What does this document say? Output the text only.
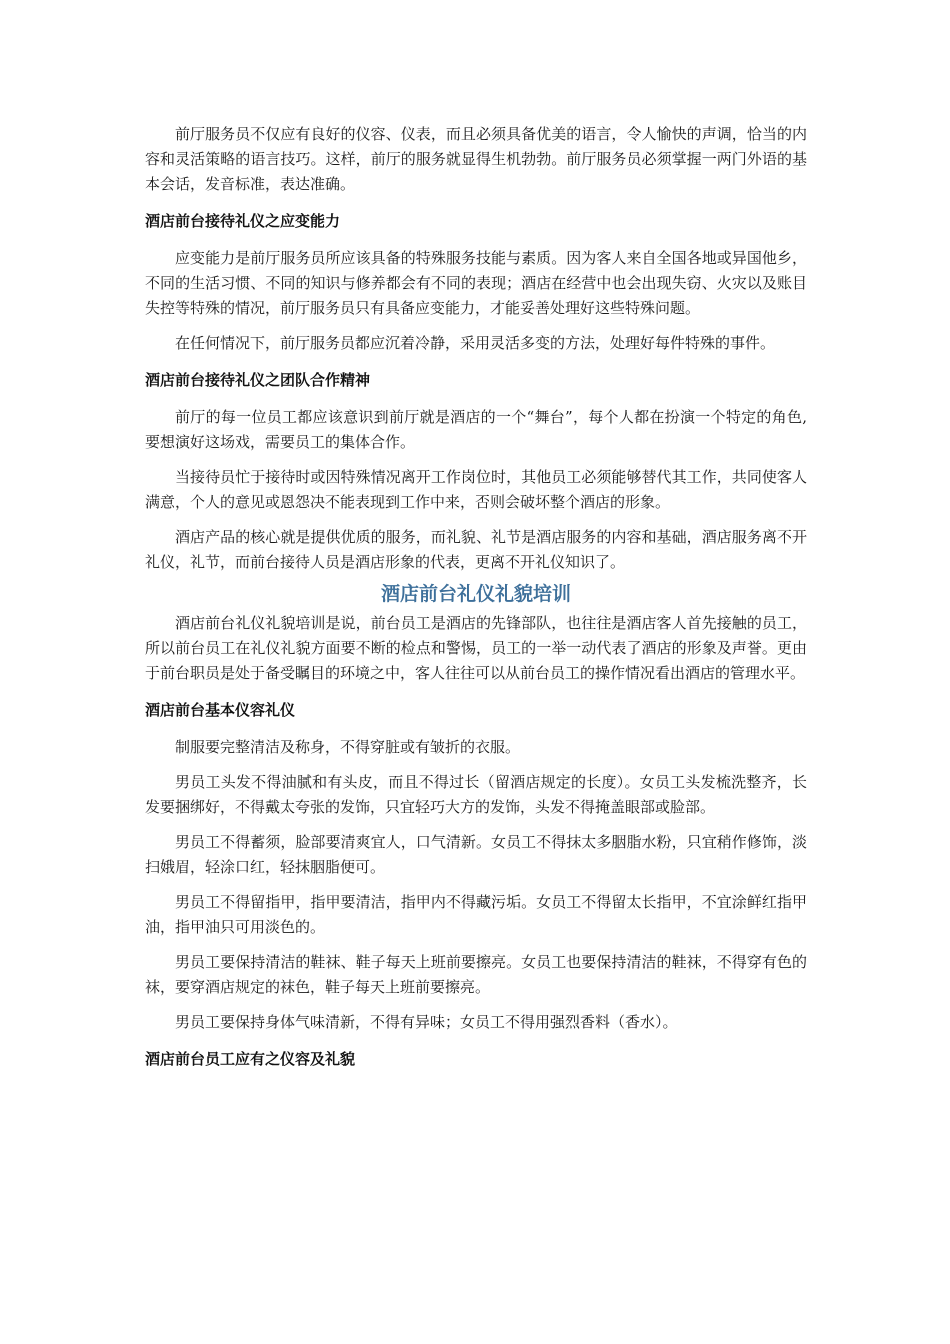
前厅服务员不仅应有良好的仪容、仪表，而且必须具备优美的语言，令人愉快的声调，恰当的内容和灵活策略的语言技巧。这样，前厅的服务就显得生机勃勃。前厅服务员必须掌握一两门外语的基本会话，发音标准，表达准确。

酒店前台接待礼仪之应变能力

应变能力是前厅服务员所应该具备的特殊服务技能与素质。因为客人来自全国各地或异国他乡，不同的生活习惯、不同的知识与修养都会有不同的表现；酒店在经营中也会出现失窃、火灾以及账目失控等特殊的情况，前厅服务员只有具备应变能力，才能妥善处理好这些特殊问题。

在任何情况下，前厅服务员都应沉着冷静，采用灵活多变的方法，处理好每件特殊的事件。

酒店前台接待礼仪之团队合作精神

前厅的每一位员工都应该意识到前厅就是酒店的一个“舞台”，每个人都在扮演一个特定的角色,要想演好这场戏，需要员工的集体合作。

当接待员忙于接待时或因特殊情况离开工作岗位时，其他员工必须能够替代其工作，共同使客人满意，个人的意见或恩怨决不能表现到工作中来，否则会破坏整个酒店的形象。

酒店产品的核心就是提供优质的服务，而礼貌、礼节是酒店服务的内容和基础，酒店服务离不开礼仪，礼节，而前台接待人员是酒店形象的代表，更离不开礼仪知识了。

酒店前台礼仪礼貌培训

酒店前台礼仪礼貌培训是说，前台员工是酒店的先锋部队，也往往是酒店客人首先接触的员工，所以前台员工在礼仪礼貌方面要不断的检点和警惕，员工的一举一动代表了酒店的形象及声誉。更由于前台职员是处于备受瞩目的环境之中，客人往往可以从前台员工的操作情况看出酒店的管理水平。

酒店前台基本仪容礼仪

制服要完整清洁及称身，不得穿脏或有皱折的衣服。

男员工头发不得油腻和有头皮，而且不得过长（留酒店规定的长度）。女员工头发梳洗整齐，长发要捆绑好，不得戴太夸张的发饰，只宜轻巧大方的发饰，头发不得掩盖眼部或脸部。

男员工不得蓄须，脸部要清爽宜人，口气清新。女员工不得抹太多胭脂水粉，只宜稍作修饰，淡扫娥眉，轻涂口红，轻抹胭脂便可。

男员工不得留指甲，指甲要清洁，指甲内不得藏污垢。女员工不得留太长指甲，不宜涂鲜红指甲油，指甲油只可用淡色的。

男员工要保持清洁的鞋袜、鞋子每天上班前要擦亮。女员工也要保持清洁的鞋袜，不得穿有色的袜，要穿酒店规定的袜色，鞋子每天上班前要擦亮。

男员工要保持身体气味清新，不得有异味；女员工不得用强烈香料（香水）。

酒店前台员工应有之仪容及礼貌
